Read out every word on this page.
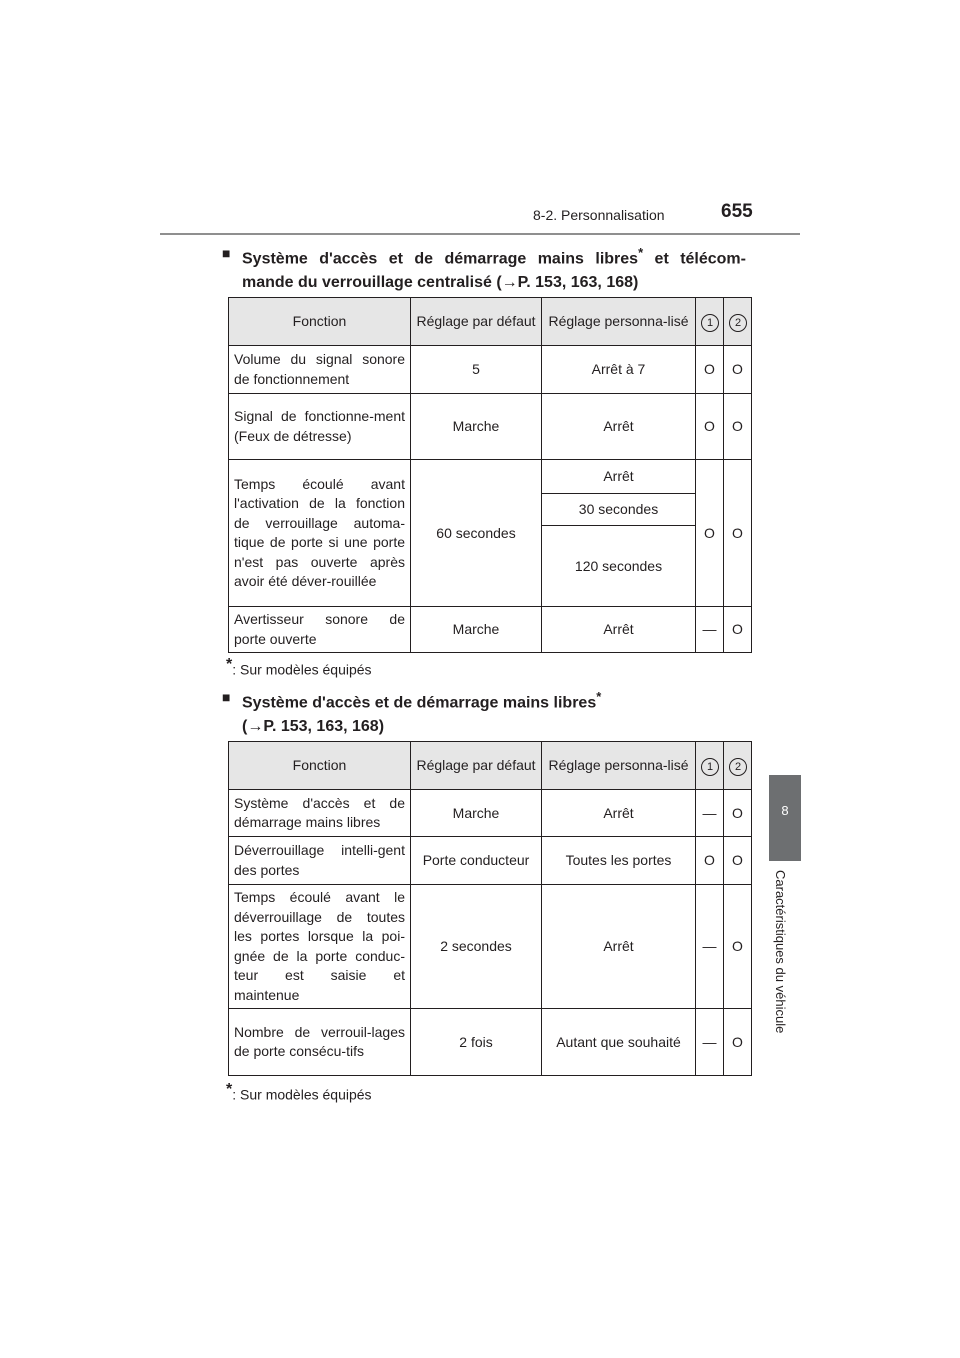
8-2. Personnalisation	655
8
Caractéristiques du véhicule
■ Système d'accès et de démarrage mains libres* et télécom-
mande du verrouillage centralisé (→P. 153, 163, 168)
Fonction	Réglage par défaut	Réglage personna-lisé	1	2
Volume du signal sonore de fonctionnement	5	Arrêt à 7	O	O
Signal de fonctionne-ment (Feux de détresse)	Marche	Arrêt	O	O
Temps écoulé avant l'activation de la fonction de verrouillage automa-tique de porte si une porte n'est pas ouverte après avoir été déver-rouillée	60 secondes	Arrêt	O	O
		30 secondes		
		120 secondes		
Avertisseur sonore de porte ouverte	Marche	Arrêt	—	O
*: Sur modèles équipés
■ Système d'accès et de démarrage mains libres*
(→P. 153, 163, 168)
Fonction	Réglage par défaut	Réglage personna-lisé	1	2
Système d'accès et de démarrage mains libres	Marche	Arrêt	—	O
Déverrouillage intelli-gent des portes	Porte conducteur	Toutes les portes	O	O
Temps écoulé avant le déverrouillage de toutes les portes lorsque la poi-gnée de la porte conduc-teur est saisie et maintenue	2 secondes	Arrêt	—	O
Nombre de verrouil-lages de porte consécu-tifs	2 fois	Autant que souhaité	—	O
*: Sur modèles équipés
